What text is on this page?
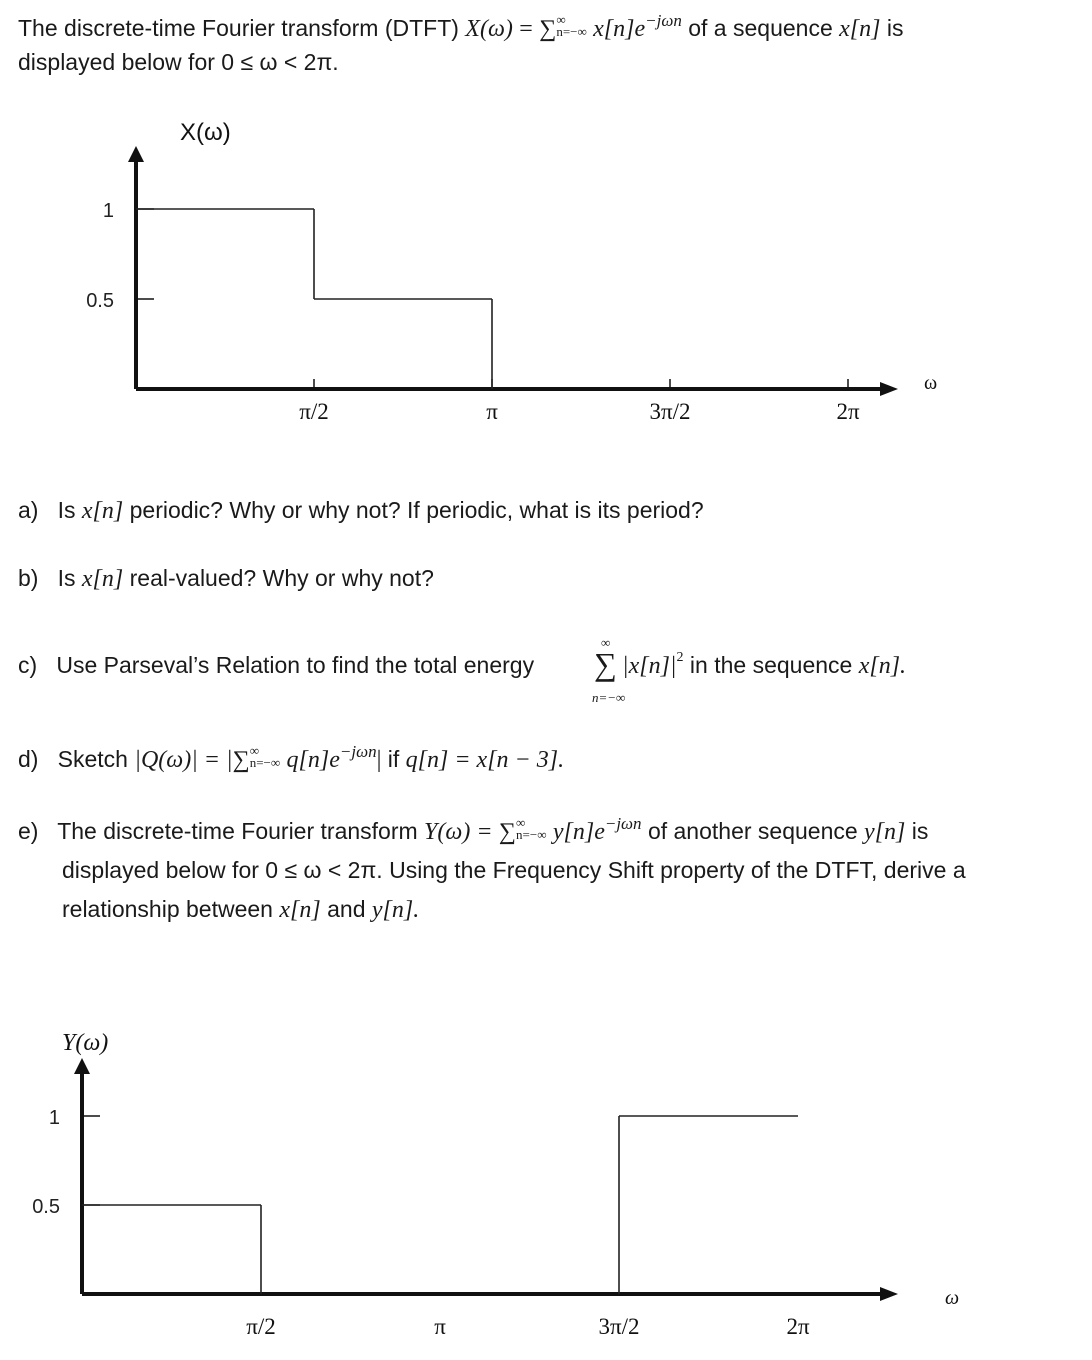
The discrete-time Fourier transform (DTFT) X(ω) = ∑ ∞
n=−∞ $x[n]e^{-j\omega n}$ of a sequence x[n] is
displayed below for 0 ≤ ω < 2π.
π/2	π	3π/2	2π
1
0.5
X(ω)
ω
a) Is x[n] periodic? Why or why not? If periodic, what is its period?
b) Is x[n] real-valued? Why or why not?
c) Use Parseval’s Relation to find the total energy
∞
∑
n=−∞
$|x[n]|^2$ in the sequence x[n].
d) Sketch |Q(ω)| = |∑ ∞
n=−∞ $q[n]e^{-j\omega n}|$ if q[n] = x[n − 3].
e) The discrete-time Fourier transform Y(ω) = ∑ ∞
n=−∞ $y[n]e^{-j\omega n}$ of another sequence y[n] is
displayed below for 0 ≤ ω < 2π. Using the Frequency Shift property of the DTFT, derive a
relationship between x[n] and y[n].
π/2	π	3π/2	2π
1
0.5
Y(ω)
ω
